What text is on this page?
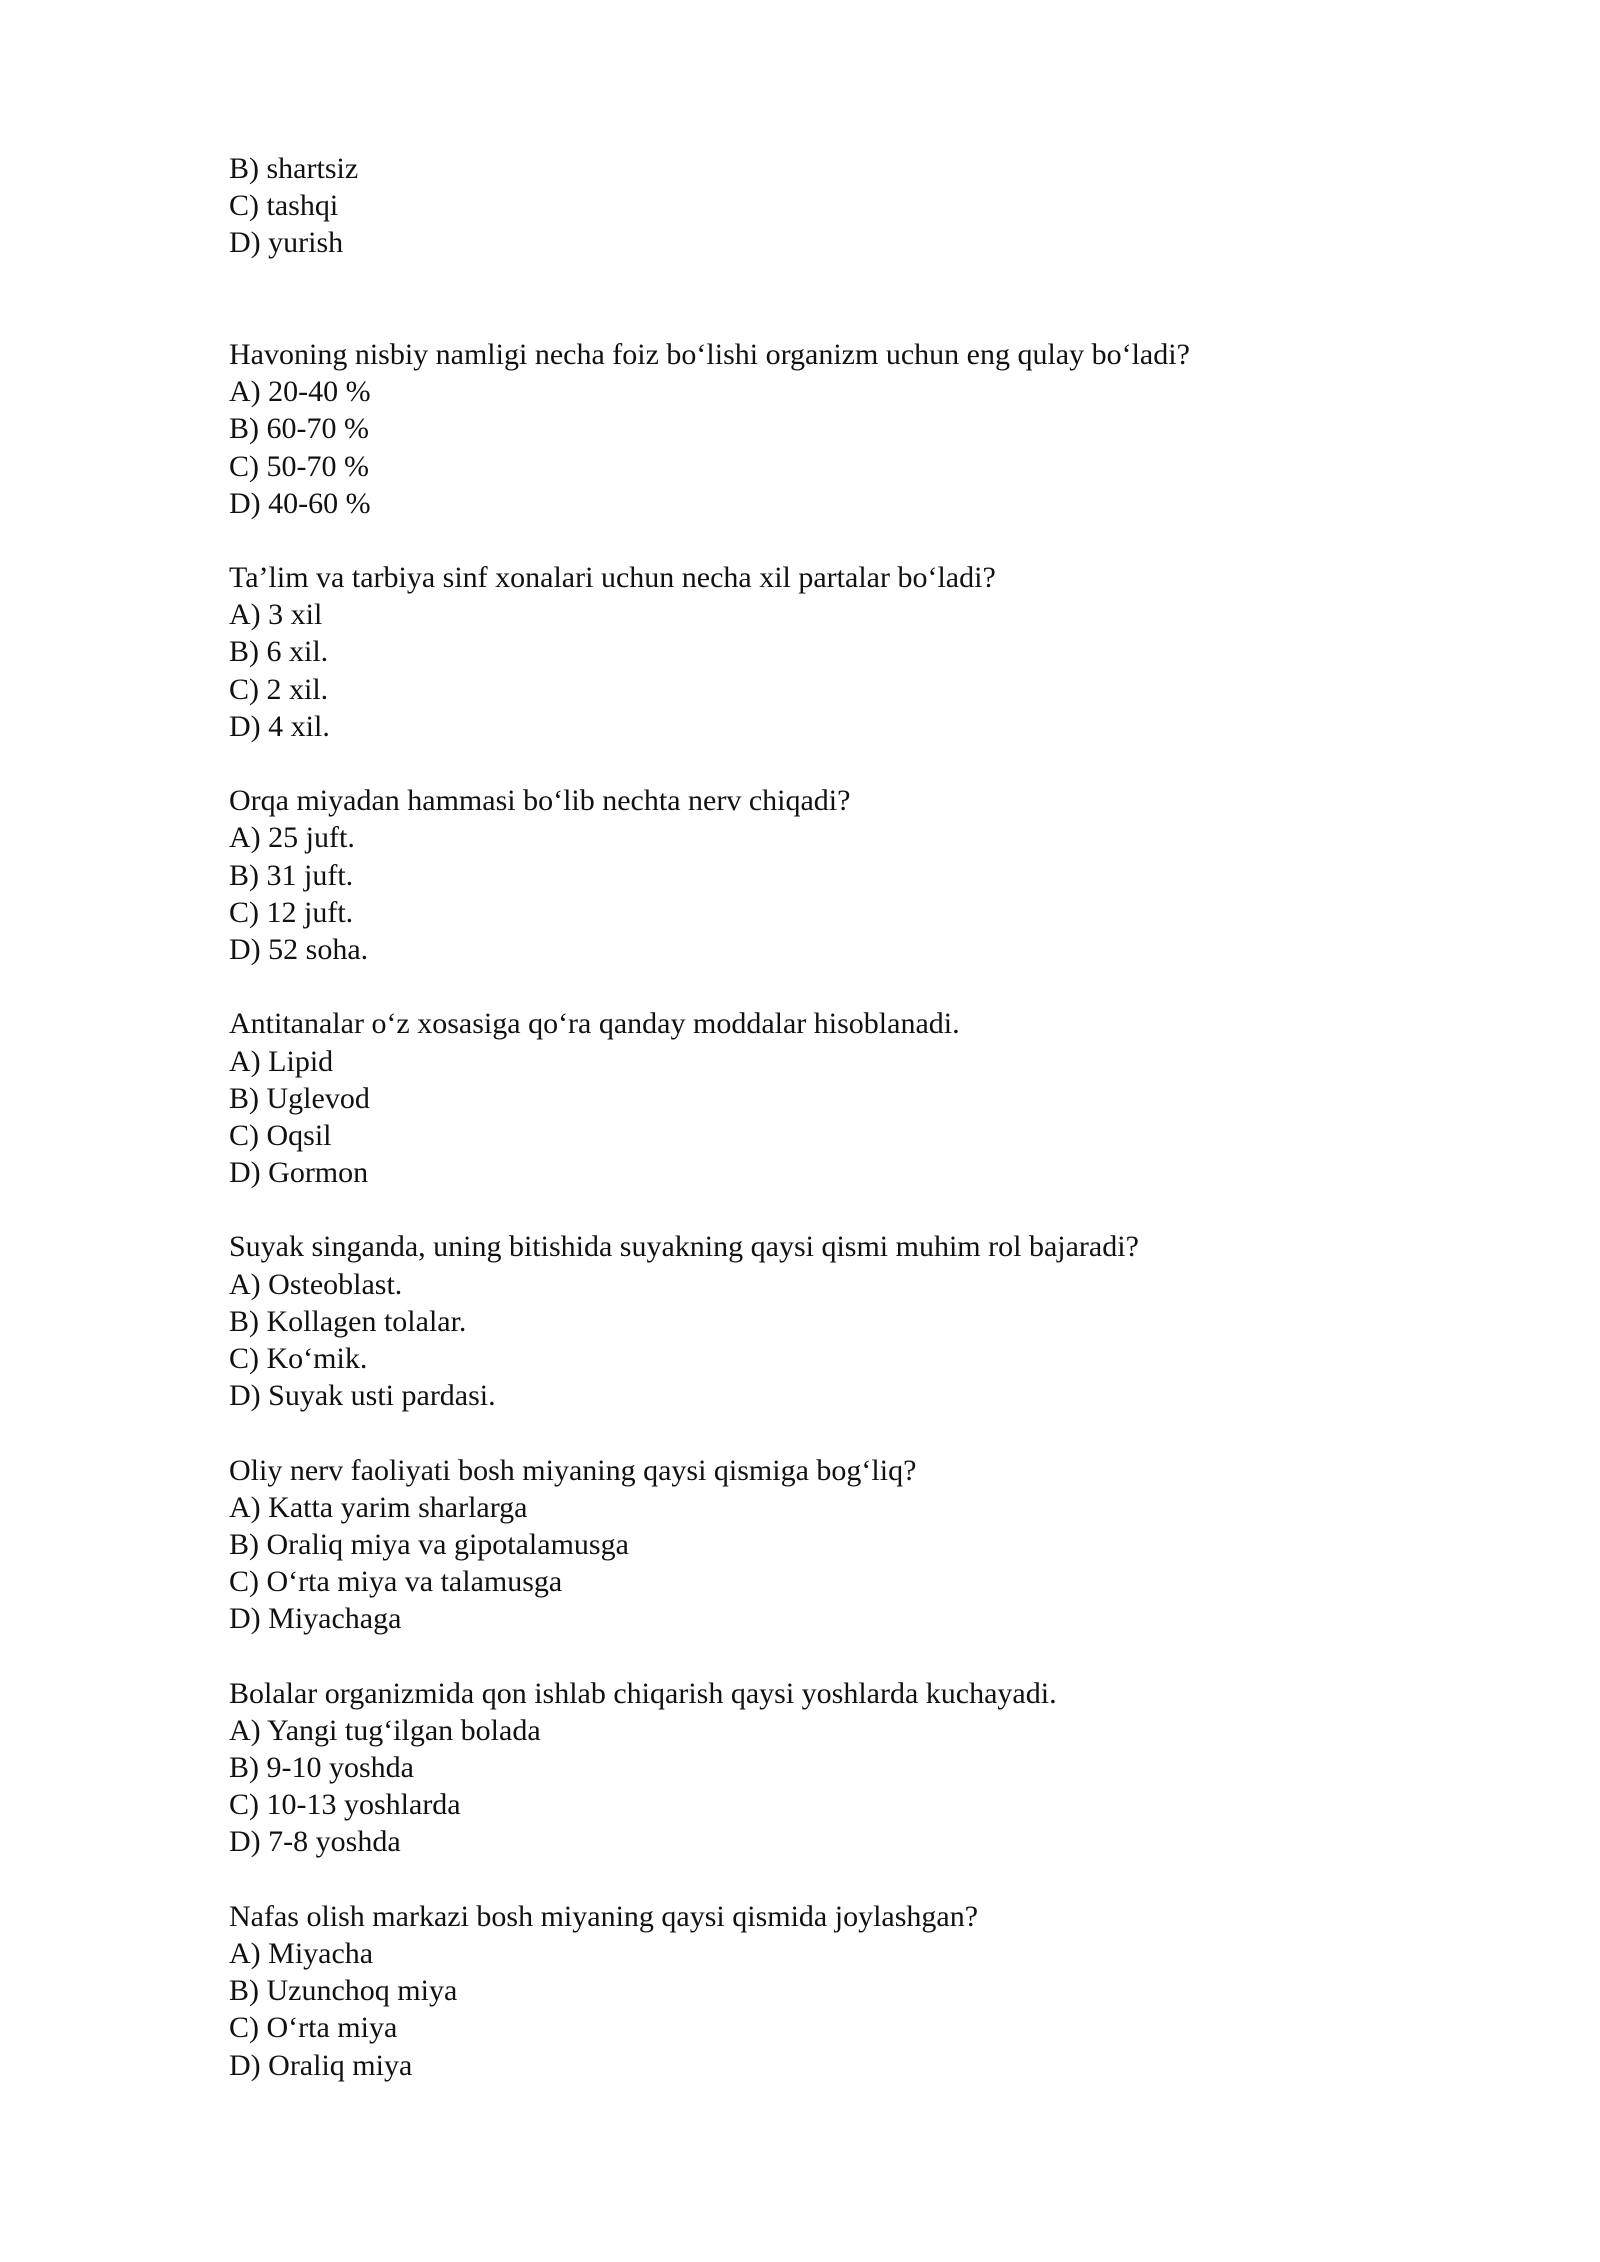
B) shartsiz
C) tashqi
D) yurish
Havoning nisbiy namligi necha foiz bo‘lishi organizm uchun eng qulay bo‘ladi?
A) 20-40 %
B) 60-70 %
C) 50-70 %
D) 40-60 %
Ta’lim va tarbiya sinf xonalari uchun necha xil partalar bo‘ladi?
A) 3 xil
B) 6 xil.
C) 2 xil.
D) 4 xil.
Orqa miyadan hammasi bo‘lib nechta nerv chiqadi?
A) 25 juft.
B) 31 juft.
C) 12 juft.
D) 52 soha.
Antitanalar o‘z xosasiga qo‘ra qanday moddalar hisoblanadi.
A) Lipid
B) Uglevod
C) Oqsil
D) Gormon
Suyak singanda, uning bitishida suyakning qaysi qismi muhim rol bajaradi?
A) Osteoblast.
B) Kollagen tolalar.
C) Ko‘mik.
D) Suyak usti pardasi.
Oliy nerv faoliyati bosh miyaning qaysi qismiga bog‘liq?
A) Katta yarim sharlarga
B) Oraliq miya va gipotalamusga
C) O‘rta miya va talamusga
D) Miyachaga
Bolalar organizmida qon ishlab chiqarish qaysi yoshlarda kuchayadi.
A) Yangi tug‘ilgan bolada
B) 9-10 yoshda
C) 10-13 yoshlarda
D) 7-8 yoshda
Nafas olish markazi bosh miyaning qaysi qismida joylashgan?
A) Miyacha
B) Uzunchoq miya
C) O‘rta miya
D) Oraliq miya
